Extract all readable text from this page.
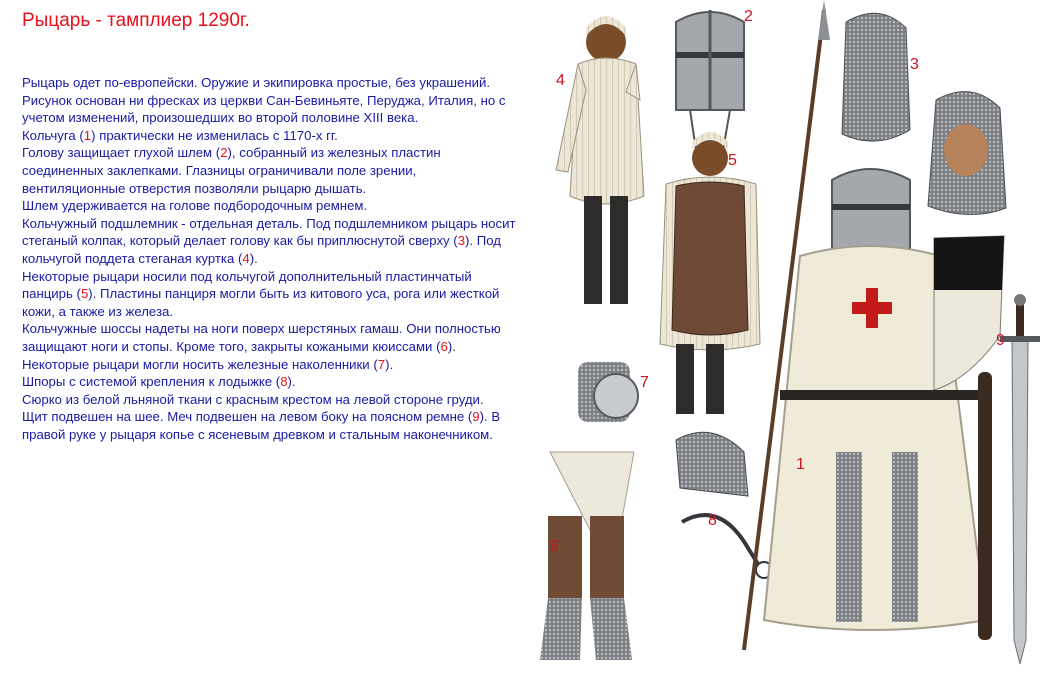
Рыцарь - тамплиер 1290г.

Рыцарь одет по-европейски. Оружие и экипировка простые, без украшений. Рисунок основан ни фресках из церкви Сан-Бевиньяте, Перуджа, Италия, но с учетом изменений, произошедших во второй половине XIII века.

Кольчуга (1) практически не изменилась с 1170-х гг.

Голову защищает глухой шлем (2), собранный из железных пластин соединенных заклепками. Глазницы ограничивали поле зрении, вентиляционные отверстия позволяли рыцарю дышать.

Шлем удерживается на голове подбородочным ремнем.

Кольчужный подшлемник - отдельная деталь. Под подшлемником рыцарь носит стеганый колпак, который делает голову как бы приплюснутой сверху (3). Под кольчугой поддета стеганая куртка (4).

Некоторые рыцари носили под кольчугой дополнительный пластинчатый панцирь (5). Пластины панциря могли быть из китового уса, рога или жесткой кожи, а также из железа.

Кольчужные шоссы надеты на ноги поверх шерстяных гамаш. Они полностью защищают ноги и стопы. Кроме того, закрыты кожаными кюиссами (6).

Некоторые рыцари могли носить железные наколенники (7).

Шпоры с системой крепления к лодыжке (8).

Сюрко из белой льняной ткани с красным крестом на левой стороне груди.

Щит подвешен на шее. Меч подвешен на левом боку на поясном ремне (9). В правой руке у рыцаря копье с ясеневым древком и стальным наконечником.

1
2
3
4
5
6
7
8
9
